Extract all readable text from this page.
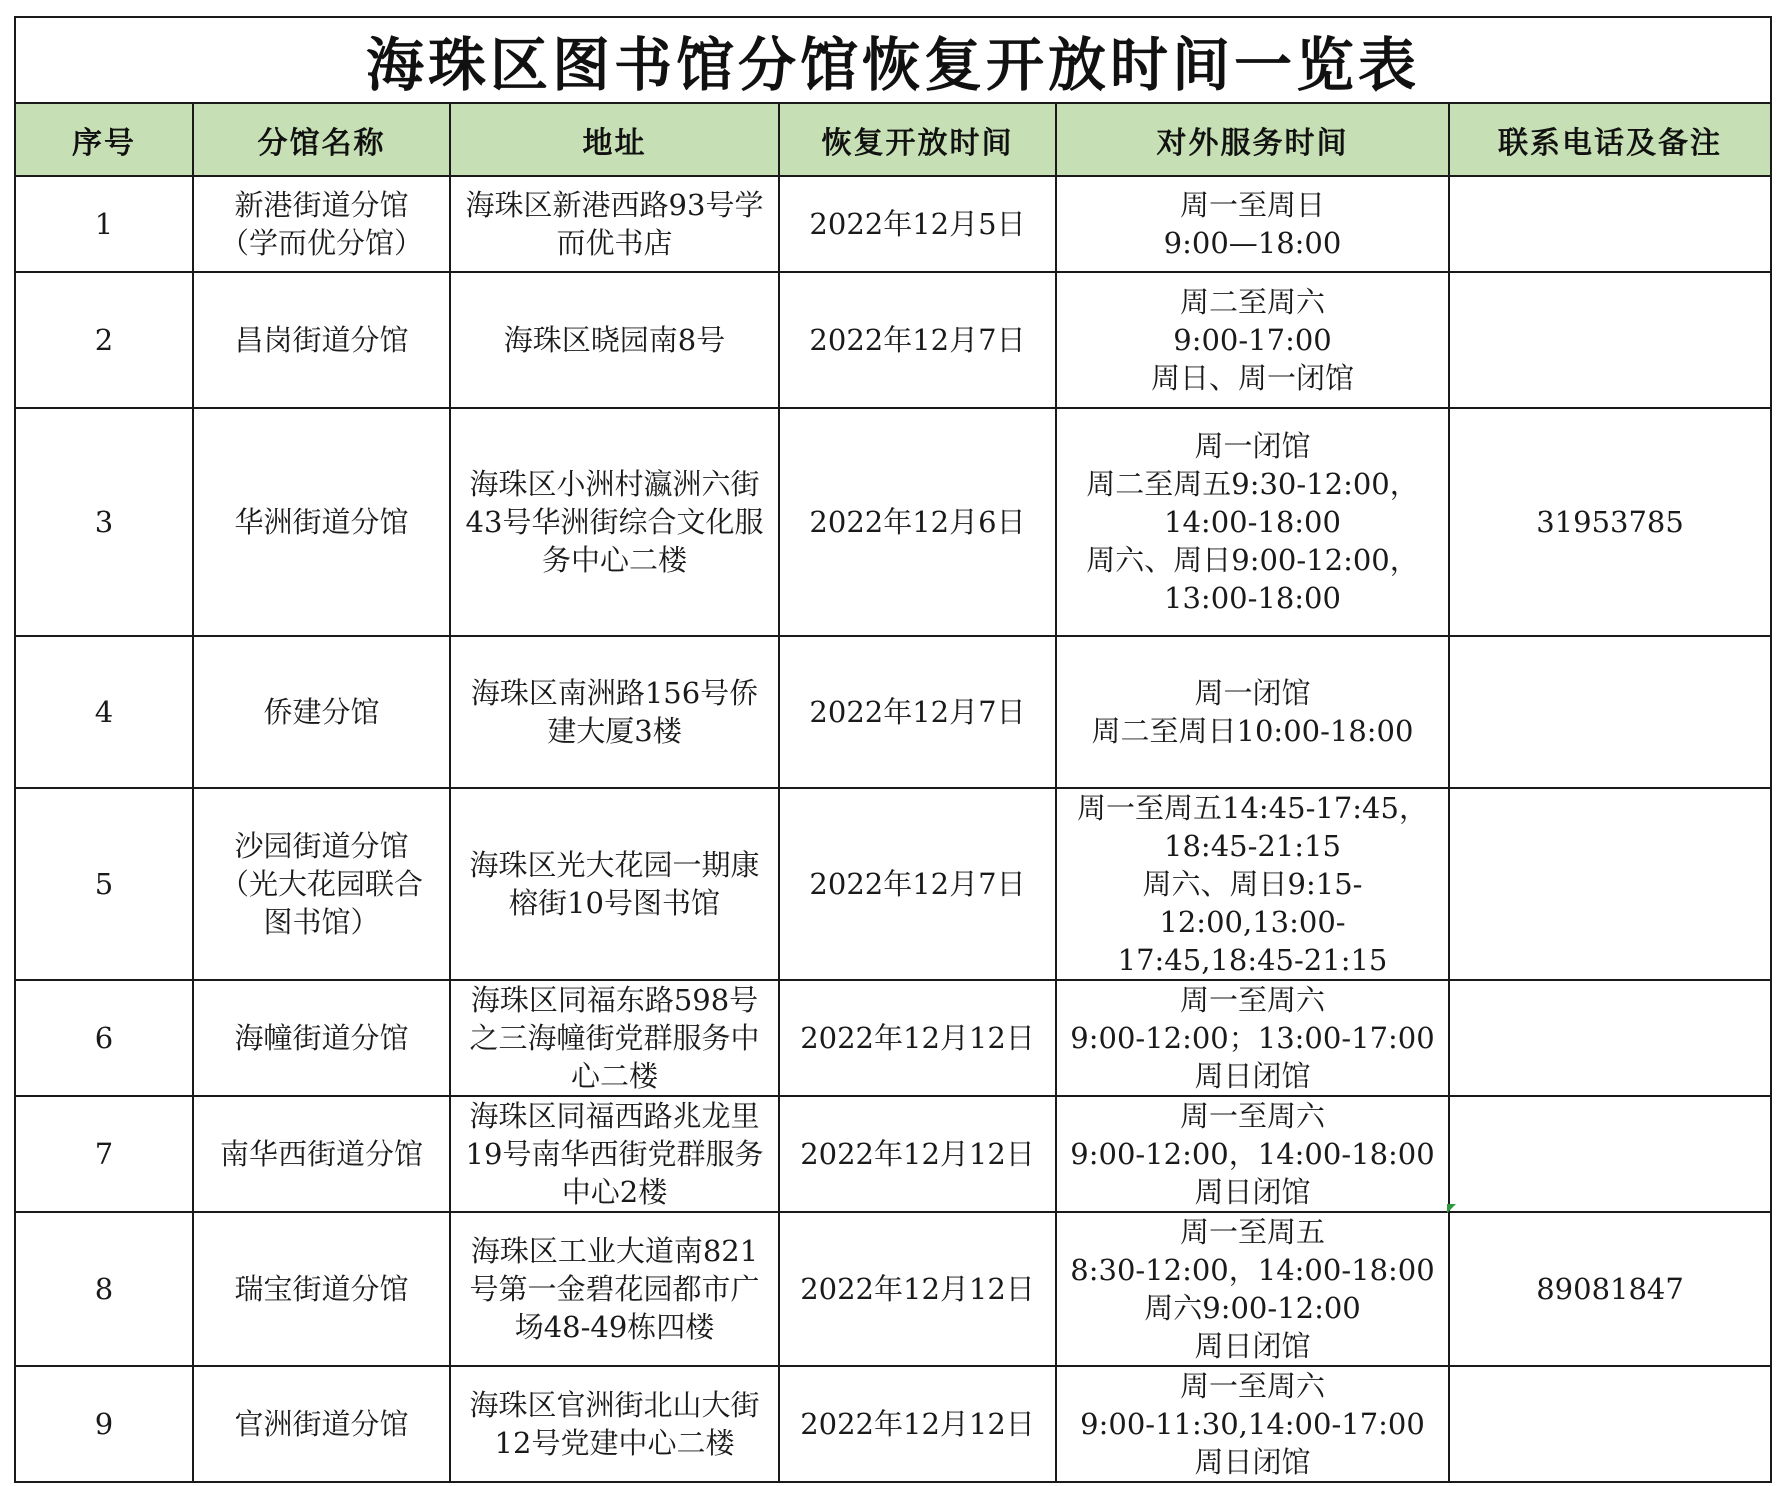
海珠区图书馆分馆恢复开放时间一览表					
序号	分馆名称	地址	恢复开放时间	对外服务时间	联系电话及备注
1	新港街道分馆
（学而优分馆）	海珠区新港西路93号学
而优书店	2022年12月5日	周一至周日
9:00—18:00	
2	昌岗街道分馆	海珠区晓园南8号	2022年12月7日	周二至周六
9:00-17:00
周日、周一闭馆	
3	华洲街道分馆	海珠区小洲村瀛洲六街
43号华洲街综合文化服
务中心二楼	2022年12月6日	周一闭馆
周二至周五9:30-12:00，
14:00-18:00
周六、周日9:00-12:00，
13:00-18:00	31953785
4	侨建分馆	海珠区南洲路156号侨
建大厦3楼	2022年12月7日	周一闭馆
周二至周日10:00-18:00	
5	沙园街道分馆
（光大花园联合
图书馆）	海珠区光大花园一期康
榕街10号图书馆	2022年12月7日	周一至周五14:45-17:45，
18:45-21:15
周六、周日9:15-
12:00,13:00-
17:45,18:45-21:15	
6	海幢街道分馆	海珠区同福东路598号
之三海幢街党群服务中
心二楼	2022年12月12日	周一至周六
9:00-12:00；13:00-17:00
周日闭馆	
7	南华西街道分馆	海珠区同福西路兆龙里
19号南华西街党群服务
中心2楼	2022年12月12日	周一至周六
9:00-12:00，14:00-18:00
周日闭馆	
8	瑞宝街道分馆	海珠区工业大道南821
号第一金碧花园都市广
场48-49栋四楼	2022年12月12日	周一至周五
8:30-12:00，14:00-18:00
周六9:00-12:00
周日闭馆	89081847
9	官洲街道分馆	海珠区官洲街北山大街
12号党建中心二楼	2022年12月12日	周一至周六
9:00-11:30,14:00-17:00
周日闭馆	
